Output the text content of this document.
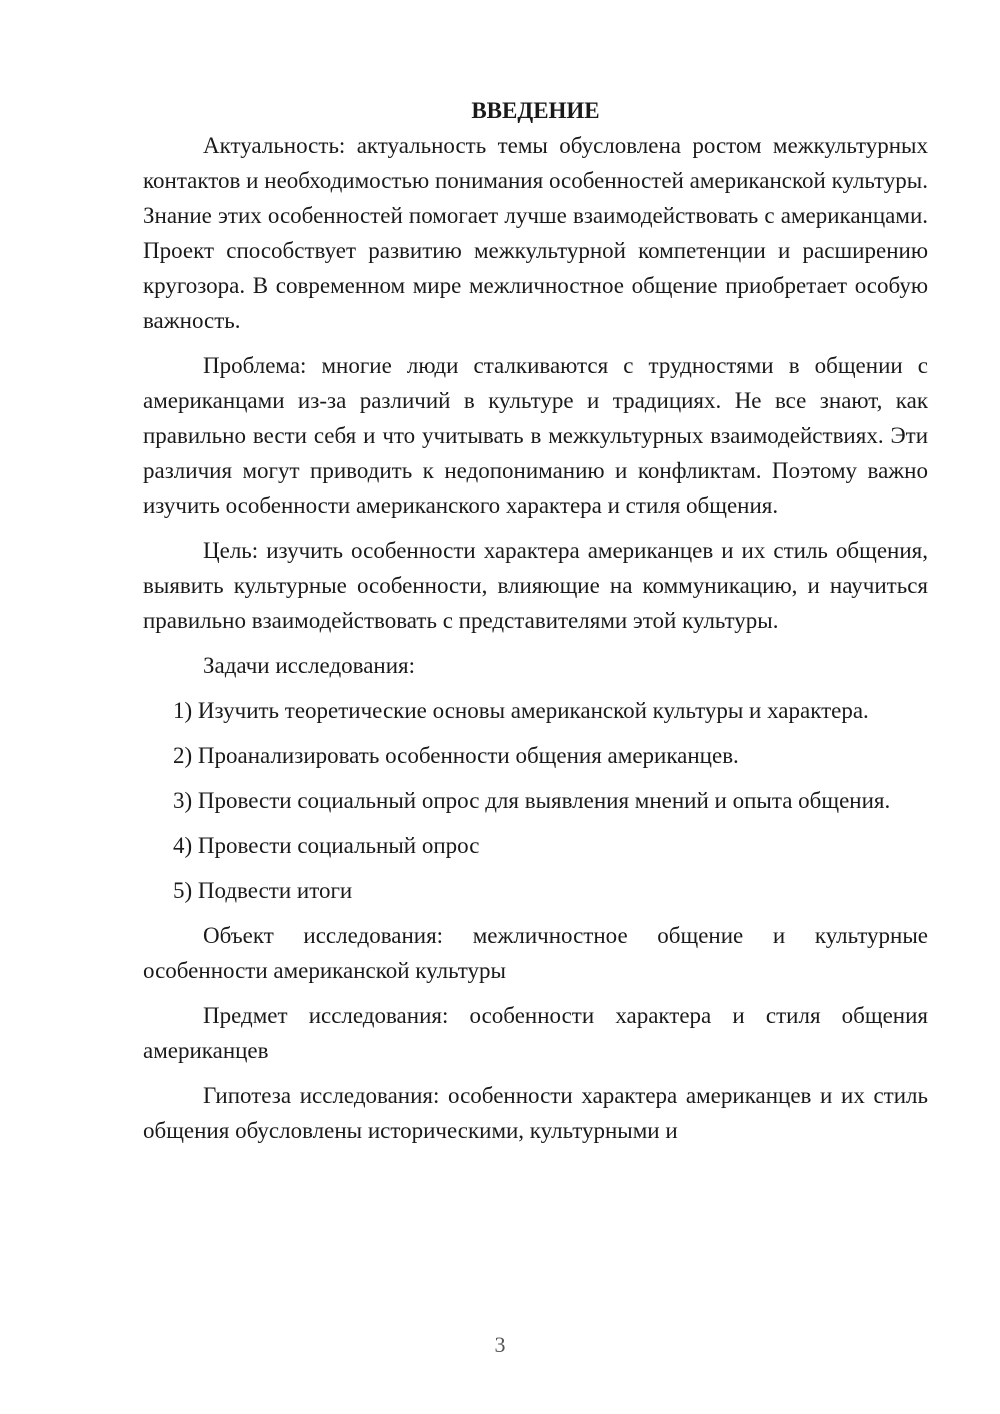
ВВЕДЕНИЕ

Актуальность: актуальность темы обусловлена ростом межкультурных контактов и необходимостью понимания особенностей американской культуры. Знание этих особенностей помогает лучше взаимодействовать с американцами. Проект способствует развитию межкультурной компетенции и расширению кругозора. В современном мире межличностное общение приобретает особую важность.

Проблема: многие люди сталкиваются с трудностями в общении с американцами из-за различий в культуре и традициях. Не все знают, как правильно вести себя и что учитывать в межкультурных взаимодействиях. Эти различия могут приводить к недопониманию и конфликтам. Поэтому важно изучить особенности американского характера и стиля общения.

Цель: изучить особенности характера американцев и их стиль общения, выявить культурные особенности, влияющие на коммуникацию, и научиться правильно взаимодействовать с представителями этой культуры.

Задачи исследования:

1) Изучить теоретические основы американской культуры и характера.

2) Проанализировать особенности общения американцев.

3) Провести социальный опрос для выявления мнений и опыта общения.

4) Провести социальный опрос

5) Подвести итоги

Объект исследования: межличностное общение и культурные особенности американской культуры

Предмет исследования: особенности характера и стиля общения американцев

Гипотеза исследования: особенности характера американцев и их стиль общения обусловлены историческими, культурными и

3
